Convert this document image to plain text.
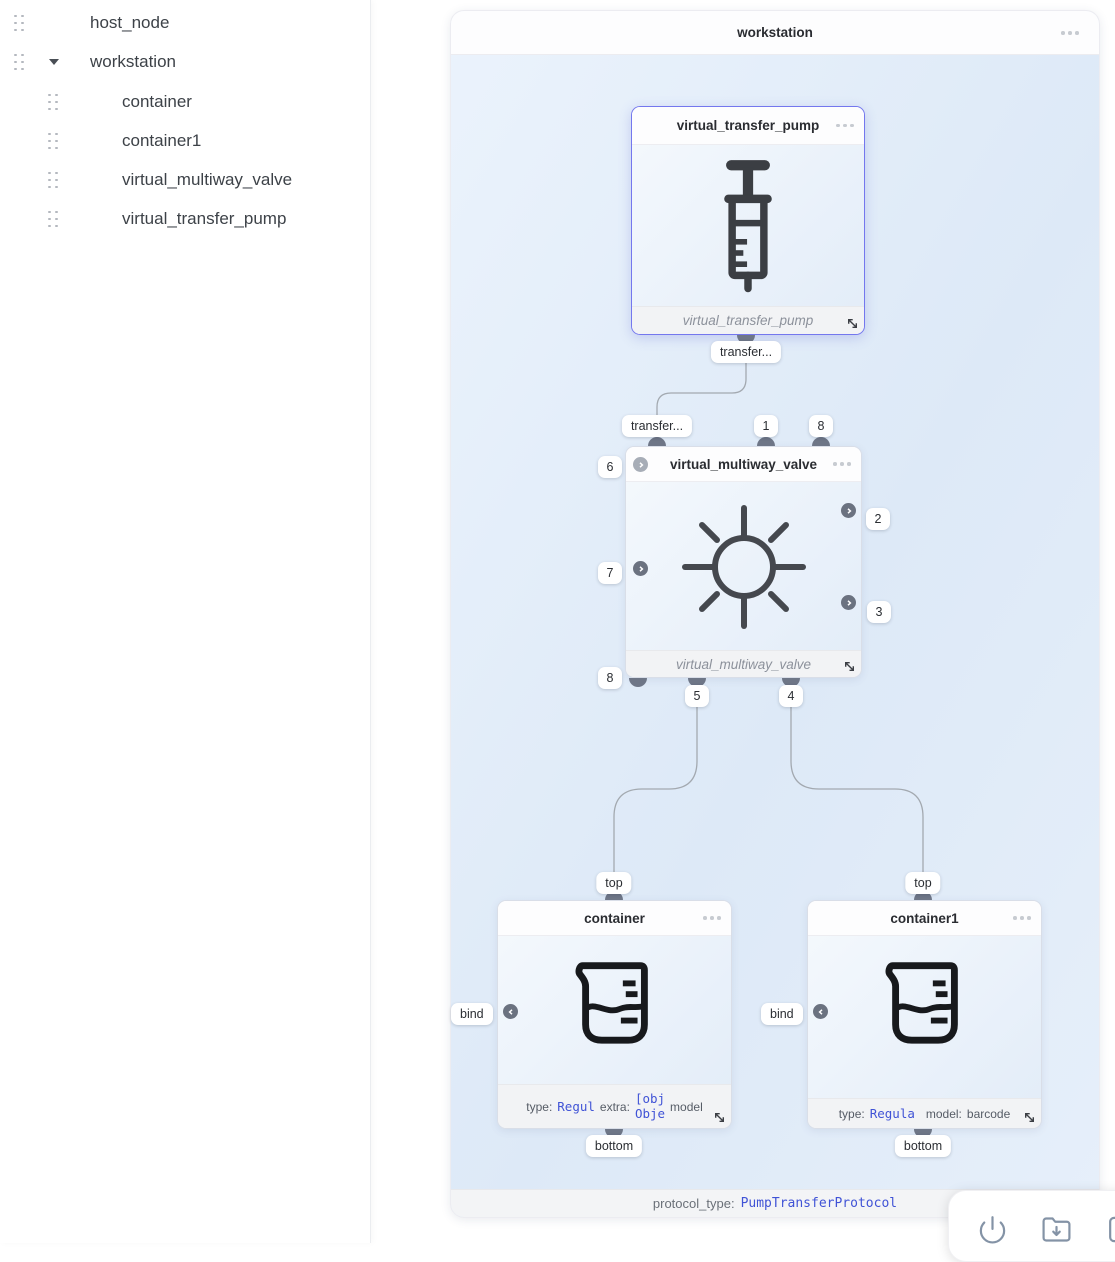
host_node
workstation
container
container1
virtual_multiway_valve
virtual_transfer_pump
virtual_transfer_pump
virtual_transfer_pump
virtual_multiway_valve
virtual_multiway_valve
container
type: Regul extra:
[obj
Obje model
container1
type: Regula model: barcode
transfer...
transfer...	1	8
6
7
8
2
3
5	4
top	top
bind	bind
bottom	bottom
workstation
protocol_type: PumpTransferProtocol
